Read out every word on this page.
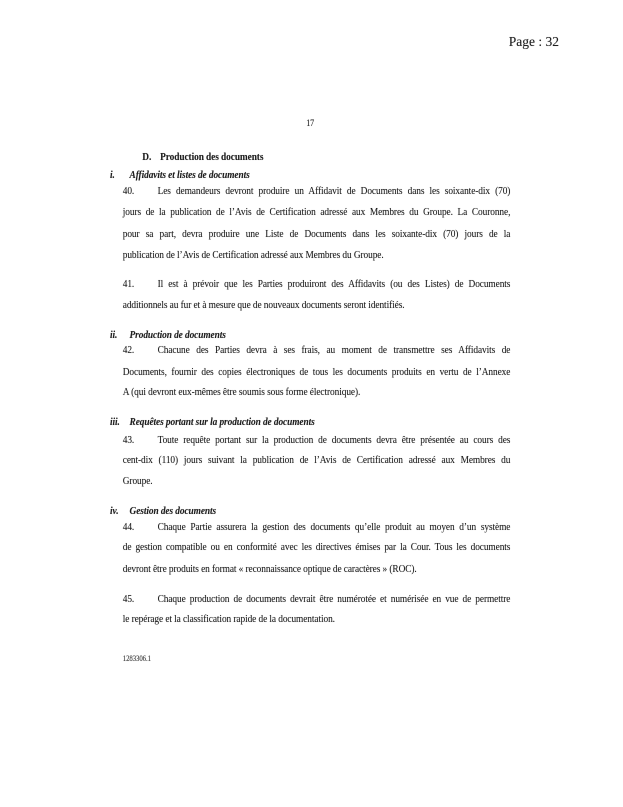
Page : 32
17
D. Production des documents
i. Affidavits et listes de documents
40. Les demandeurs devront produire un Affidavit de Documents dans les soixante-dix (70)
jours de la publication de l’Avis de Certification adressé aux Membres du Groupe. La Couronne,
pour sa part, devra produire une Liste de Documents dans les soixante-dix (70) jours de la
publication de l’Avis de Certification adressé aux Membres du Groupe.
41. Il est à prévoir que les Parties produiront des Affidavits (ou des Listes) de Documents
additionnels au fur et à mesure que de nouveaux documents seront identifiés.
ii. Production de documents
42. Chacune des Parties devra à ses frais, au moment de transmettre ses Affidavits de
Documents, fournir des copies électroniques de tous les documents produits en vertu de l’Annexe
A (qui devront eux-mêmes être soumis sous forme électronique).
iii. Requêtes portant sur la production de documents
43. Toute requête portant sur la production de documents devra être présentée au cours des
cent-dix (110) jours suivant la publication de l’Avis de Certification adressé aux Membres du
Groupe.
iv. Gestion des documents
44. Chaque Partie assurera la gestion des documents qu’elle produit au moyen d’un système
de gestion compatible ou en conformité avec les directives émises par la Cour. Tous les documents
devront être produits en format « reconnaissance optique de caractères » (ROC).
45. Chaque production de documents devrait être numérotée et numérisée en vue de permettre
le repérage et la classification rapide de la documentation.
1283306.1
